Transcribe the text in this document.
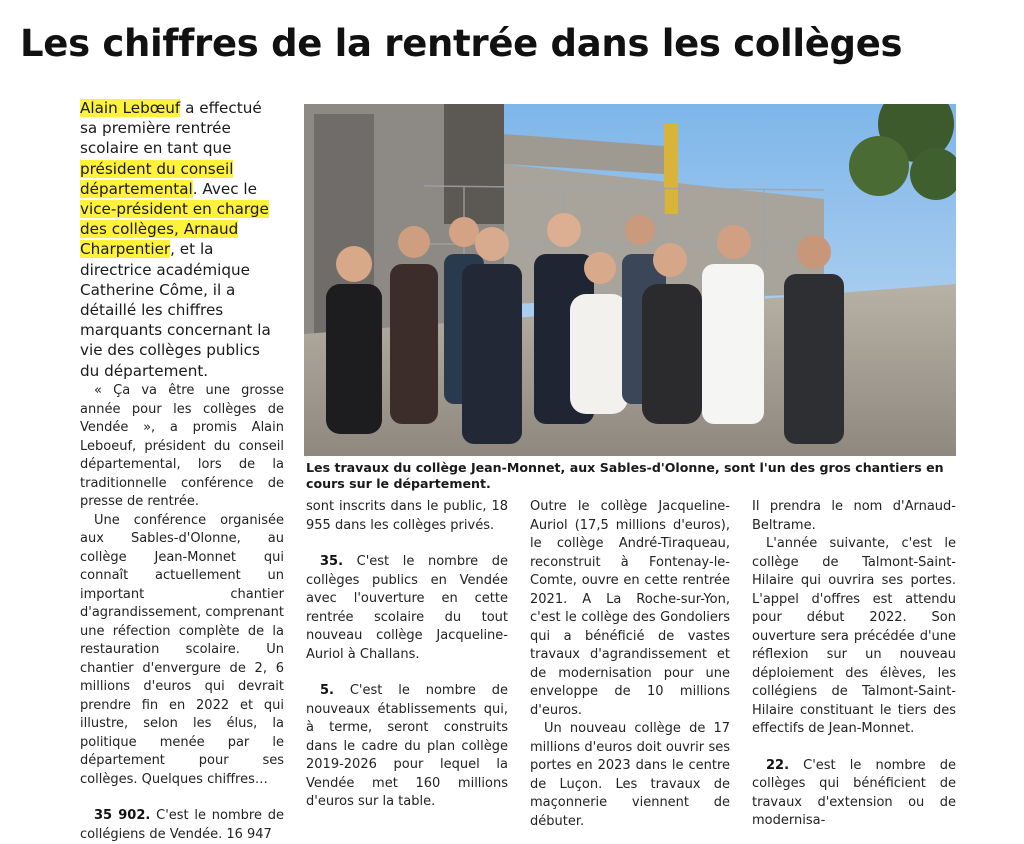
Les chiffres de la rentrée dans les collèges
Alain Lebœuf a effectué sa première rentrée scolaire en tant que président du conseil départemental. Avec le vice-président en charge des collèges, Arnaud Charpentier, et la directrice académique Catherine Côme, il a détaillé les chiffres marquants concernant la vie des collèges publics du département.
Les travaux du collège Jean-Monnet, aux Sables-d'Olonne, sont l'un des gros chantiers en cours sur le département.

« Ça va être une grosse année pour les collèges de Vendée », a promis Alain Leboeuf, président du conseil départemental, lors de la traditionnelle conférence de presse de rentrée.

Une conférence organisée aux Sables-d'Olonne, au collège Jean-Monnet qui connaît actuellement un important chantier d'agrandissement, comprenant une réfection complète de la restauration scolaire. Un chantier d'envergure de 2, 6 millions d'euros qui devrait prendre fin en 2022 et qui illustre, selon les élus, la politique menée par le département pour ses collèges. Quelques chiffres…

35 902. C'est le nombre de collégiens de Vendée. 16 947

sont inscrits dans le public, 18 955 dans les collèges privés.

35. C'est le nombre de collèges publics en Vendée avec l'ouverture en cette rentrée scolaire du tout nouveau collège Jacqueline-Auriol à Challans.

5. C'est le nombre de nouveaux établissements qui, à terme, seront construits dans le cadre du plan collège 2019-2026 pour lequel la Vendée met 160 millions d'euros sur la table.

Outre le collège Jacqueline-Auriol (17,5 millions d'euros), le collège André-Tiraqueau, reconstruit à Fontenay-le-Comte, ouvre en cette rentrée 2021. A La Roche-sur-Yon, c'est le collège des Gondoliers qui a bénéficié de vastes travaux d'agrandissement et de modernisation pour une enveloppe de 10 millions d'euros.

Un nouveau collège de 17 millions d'euros doit ouvrir ses portes en 2023 dans le centre de Luçon. Les travaux de maçonnerie viennent de débuter.

Il prendra le nom d'Arnaud-Beltrame.

L'année suivante, c'est le collège de Talmont-Saint-Hilaire qui ouvrira ses portes. L'appel d'offres est attendu pour début 2022. Son ouverture sera précédée d'une réflexion sur un nouveau déploiement des élèves, les collégiens de Talmont-Saint-Hilaire constituant le tiers des effectifs de Jean-Monnet.

22. C'est le nombre de collèges qui bénéficient de travaux d'extension ou de modernisa-
